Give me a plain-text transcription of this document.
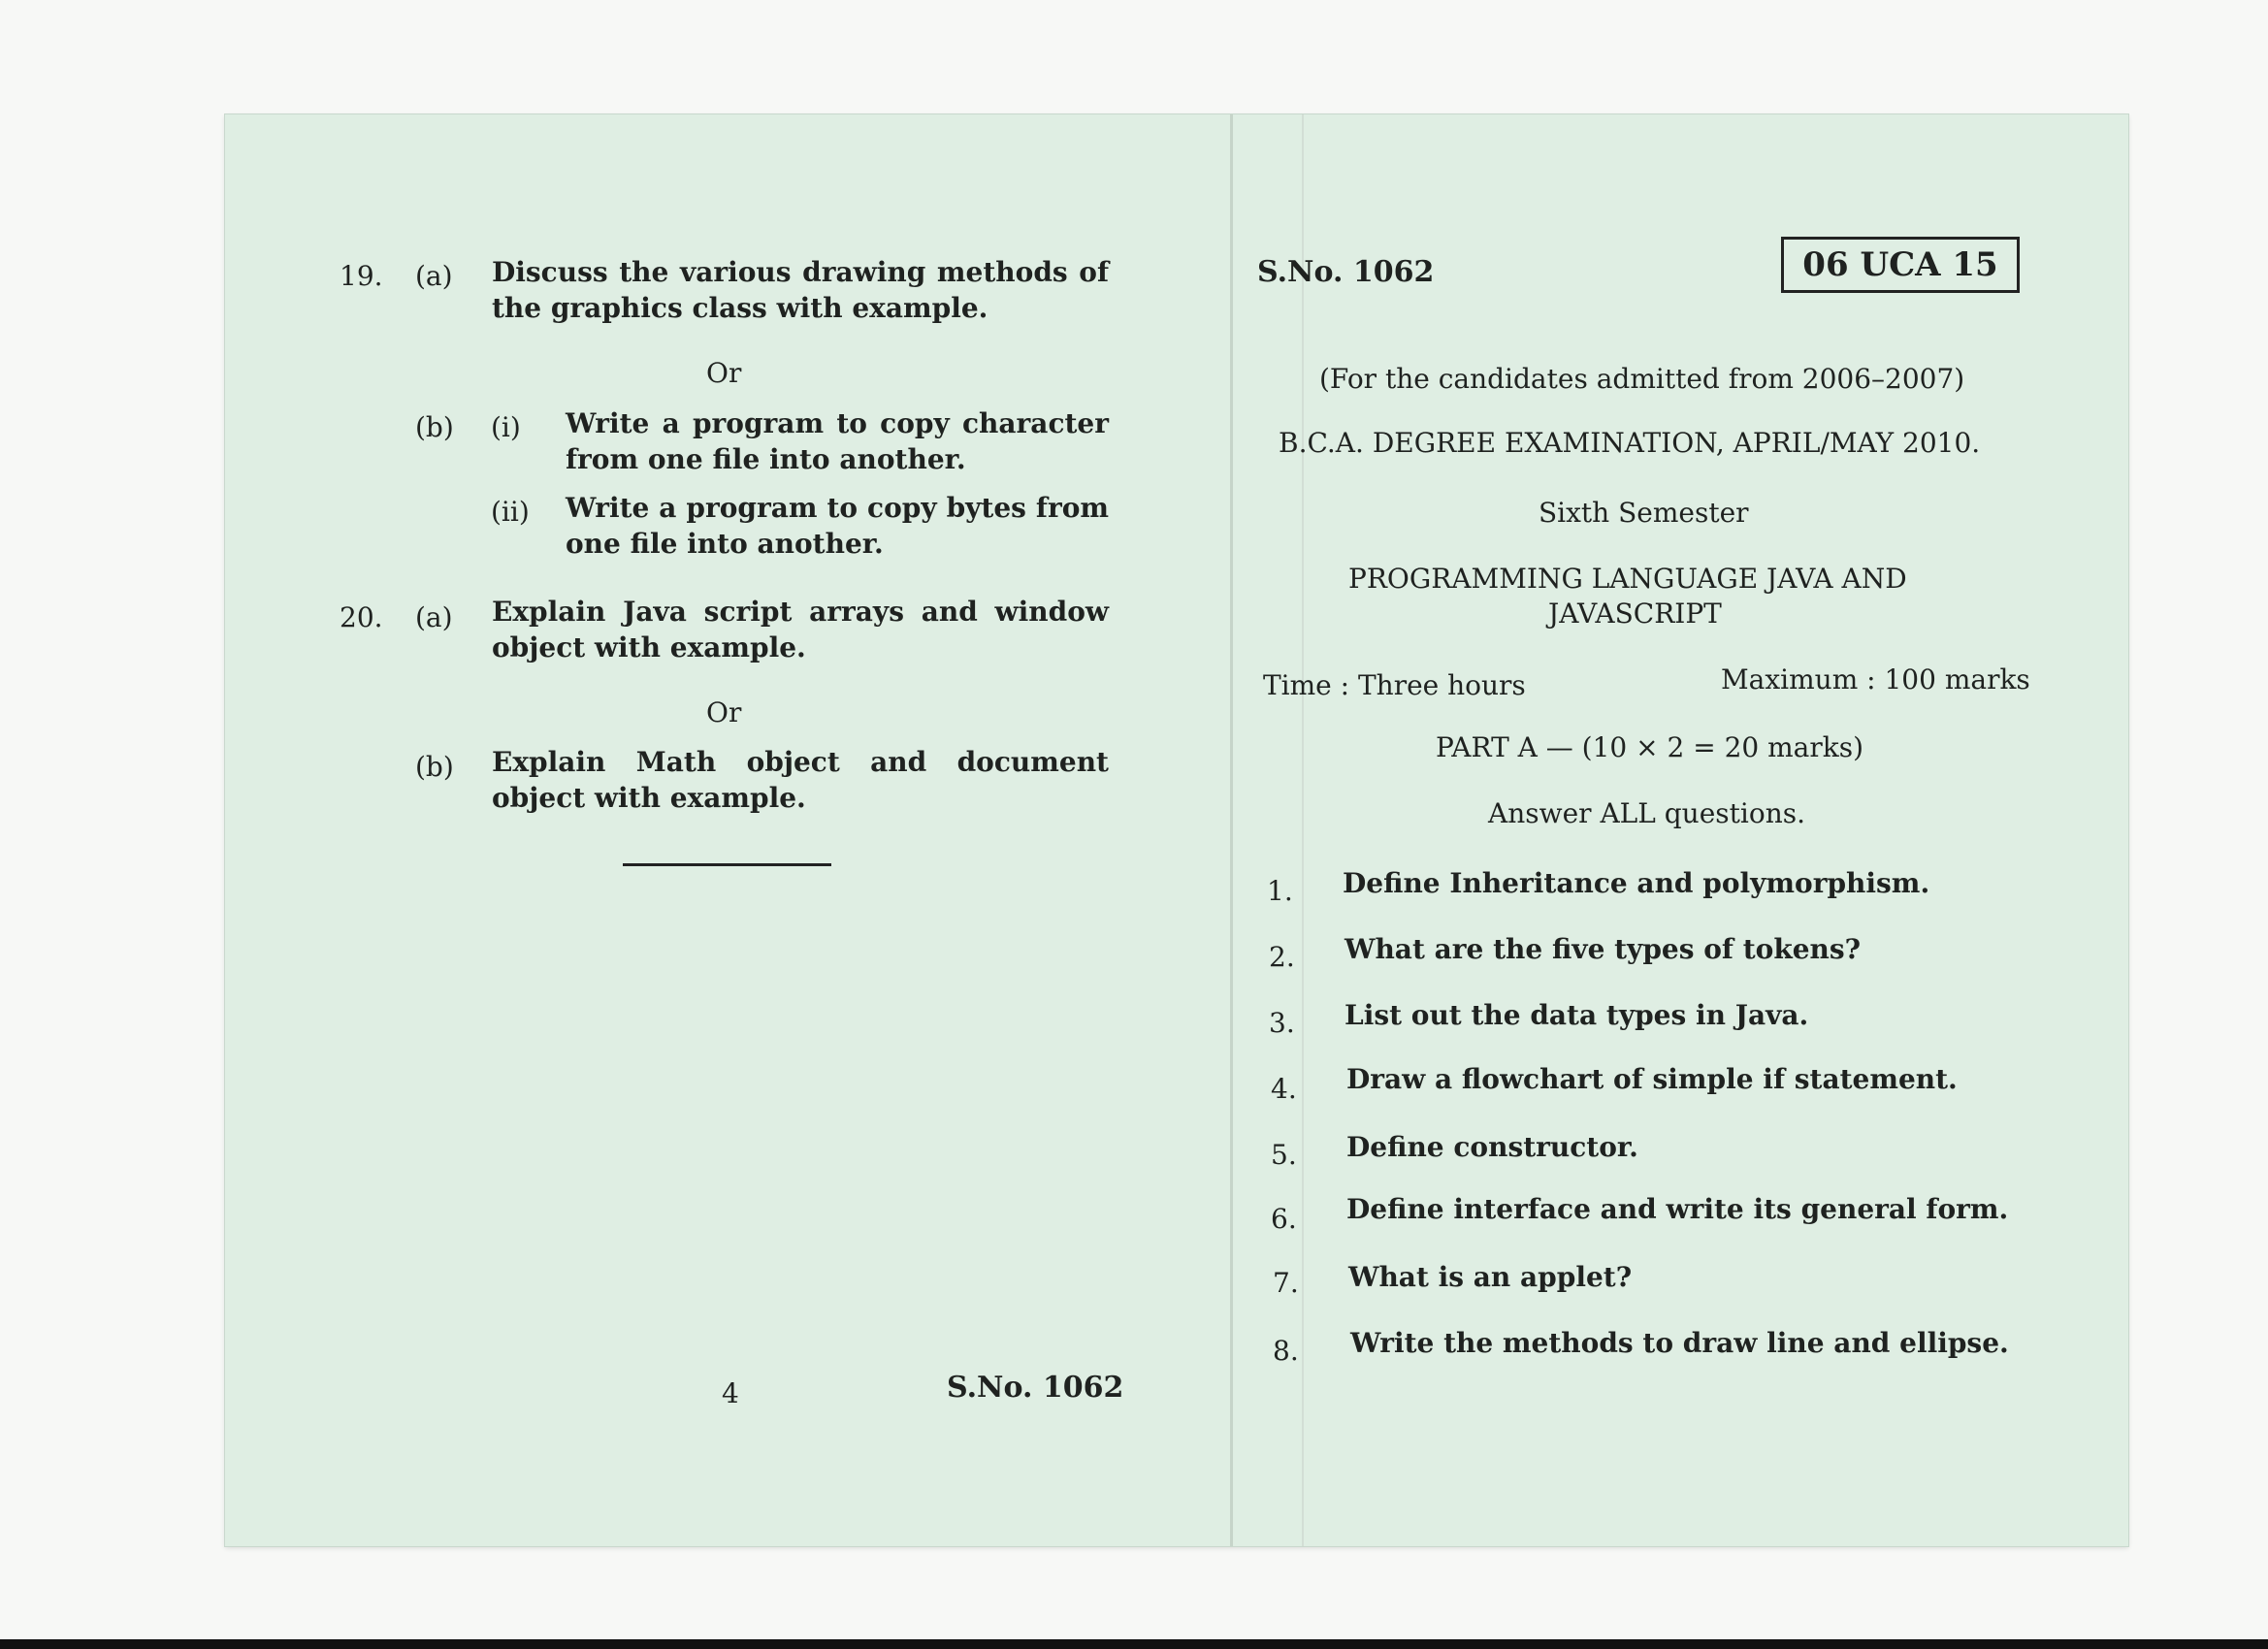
19. (a) Discuss the various drawing methods of the graphics class with example.
Or
(b) (i) Write a program to copy character from one file into another.
(ii) Write a program to copy bytes from one file into another.
20. (a) Explain Java script arrays and window object with example.
Or
(b) Explain Math object and document object with example.
4	S.No. 1062
S.No. 1062	06 UCA 15
(For the candidates admitted from 2006–2007)
B.C.A. DEGREE EXAMINATION, APRIL/MAY 2010.
Sixth Semester
PROGRAMMING LANGUAGE JAVA AND
JAVASCRIPT
Time : Three hours	Maximum : 100 marks
PART A — (10 × 2 = 20 marks)
Answer ALL questions.
1. Define Inheritance and polymorphism.
2. What are the five types of tokens?
3. List out the data types in Java.
4. Draw a flowchart of simple if statement.
5. Define constructor.
6. Define interface and write its general form.
7. What is an applet?
8. Write the methods to draw line and ellipse.
